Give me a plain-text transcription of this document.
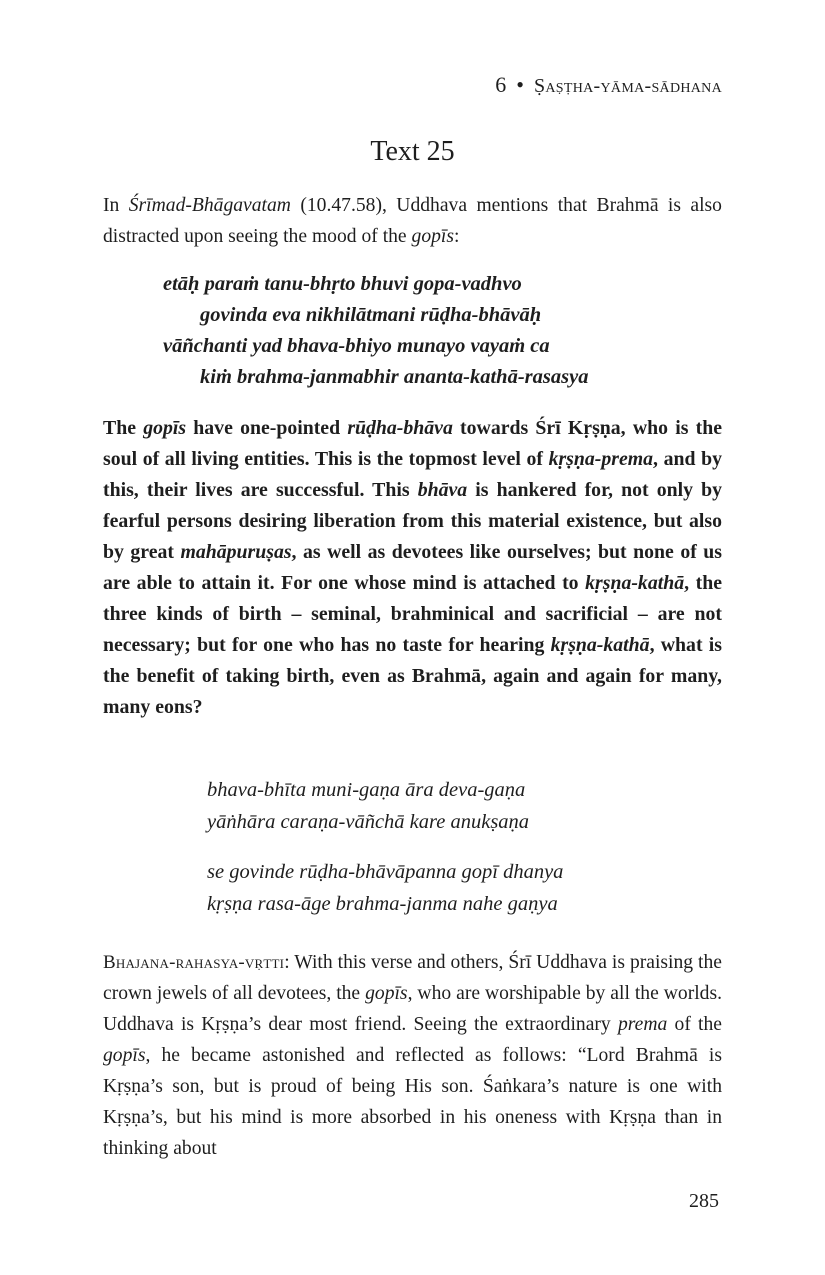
6 • Ṣaṣṭha-yāma-sādhana
Text 25

In Śrīmad-Bhāgavatam (10.47.58), Uddhava mentions that Brahmā is also distracted upon seeing the mood of the gopīs:

etāḥ paraṁ tanu-bhṛto bhuvi gopa-vadhvo
govinda eva nikhilātmani rūḍha-bhāvāḥ
vāñchanti yad bhava-bhiyo munayo vayaṁ ca
kiṁ brahma-janmabhir ananta-kathā-rasasya

The gopīs have one-pointed rūḍha-bhāva towards Śrī Kṛṣṇa, who is the soul of all living entities. This is the topmost level of kṛṣṇa-prema, and by this, their lives are successful. This bhāva is hankered for, not only by fearful persons desiring liberation from this material existence, but also by great mahāpuruṣas, as well as devotees like ourselves; but none of us are able to attain it. For one whose mind is attached to kṛṣṇa-kathā, the three kinds of birth – seminal, brahminical and sacrificial – are not necessary; but for one who has no taste for hearing kṛṣṇa-kathā, what is the benefit of taking birth, even as Brahmā, again and again for many, many eons?

bhava-bhīta muni-gaṇa āra deva-gaṇa
yāṅhāra caraṇa-vāñchā kare anukṣaṇa
se govinde rūḍha-bhāvāpanna gopī dhanya
kṛṣṇa rasa-āge brahma-janma nahe gaṇya

Bhajana-rahasya-vṛtti: With this verse and others, Śrī Uddhava is praising the crown jewels of all devotees, the gopīs, who are worshipable by all the worlds. Uddhava is Kṛṣṇa’s dear most friend. Seeing the extraordinary prema of the gopīs, he became astonished and reflected as follows: “Lord Brahmā is Kṛṣṇa’s son, but is proud of being His son. Śaṅkara’s nature is one with Kṛṣṇa’s, but his mind is more absorbed in his oneness with Kṛṣṇa than in thinking about

285
